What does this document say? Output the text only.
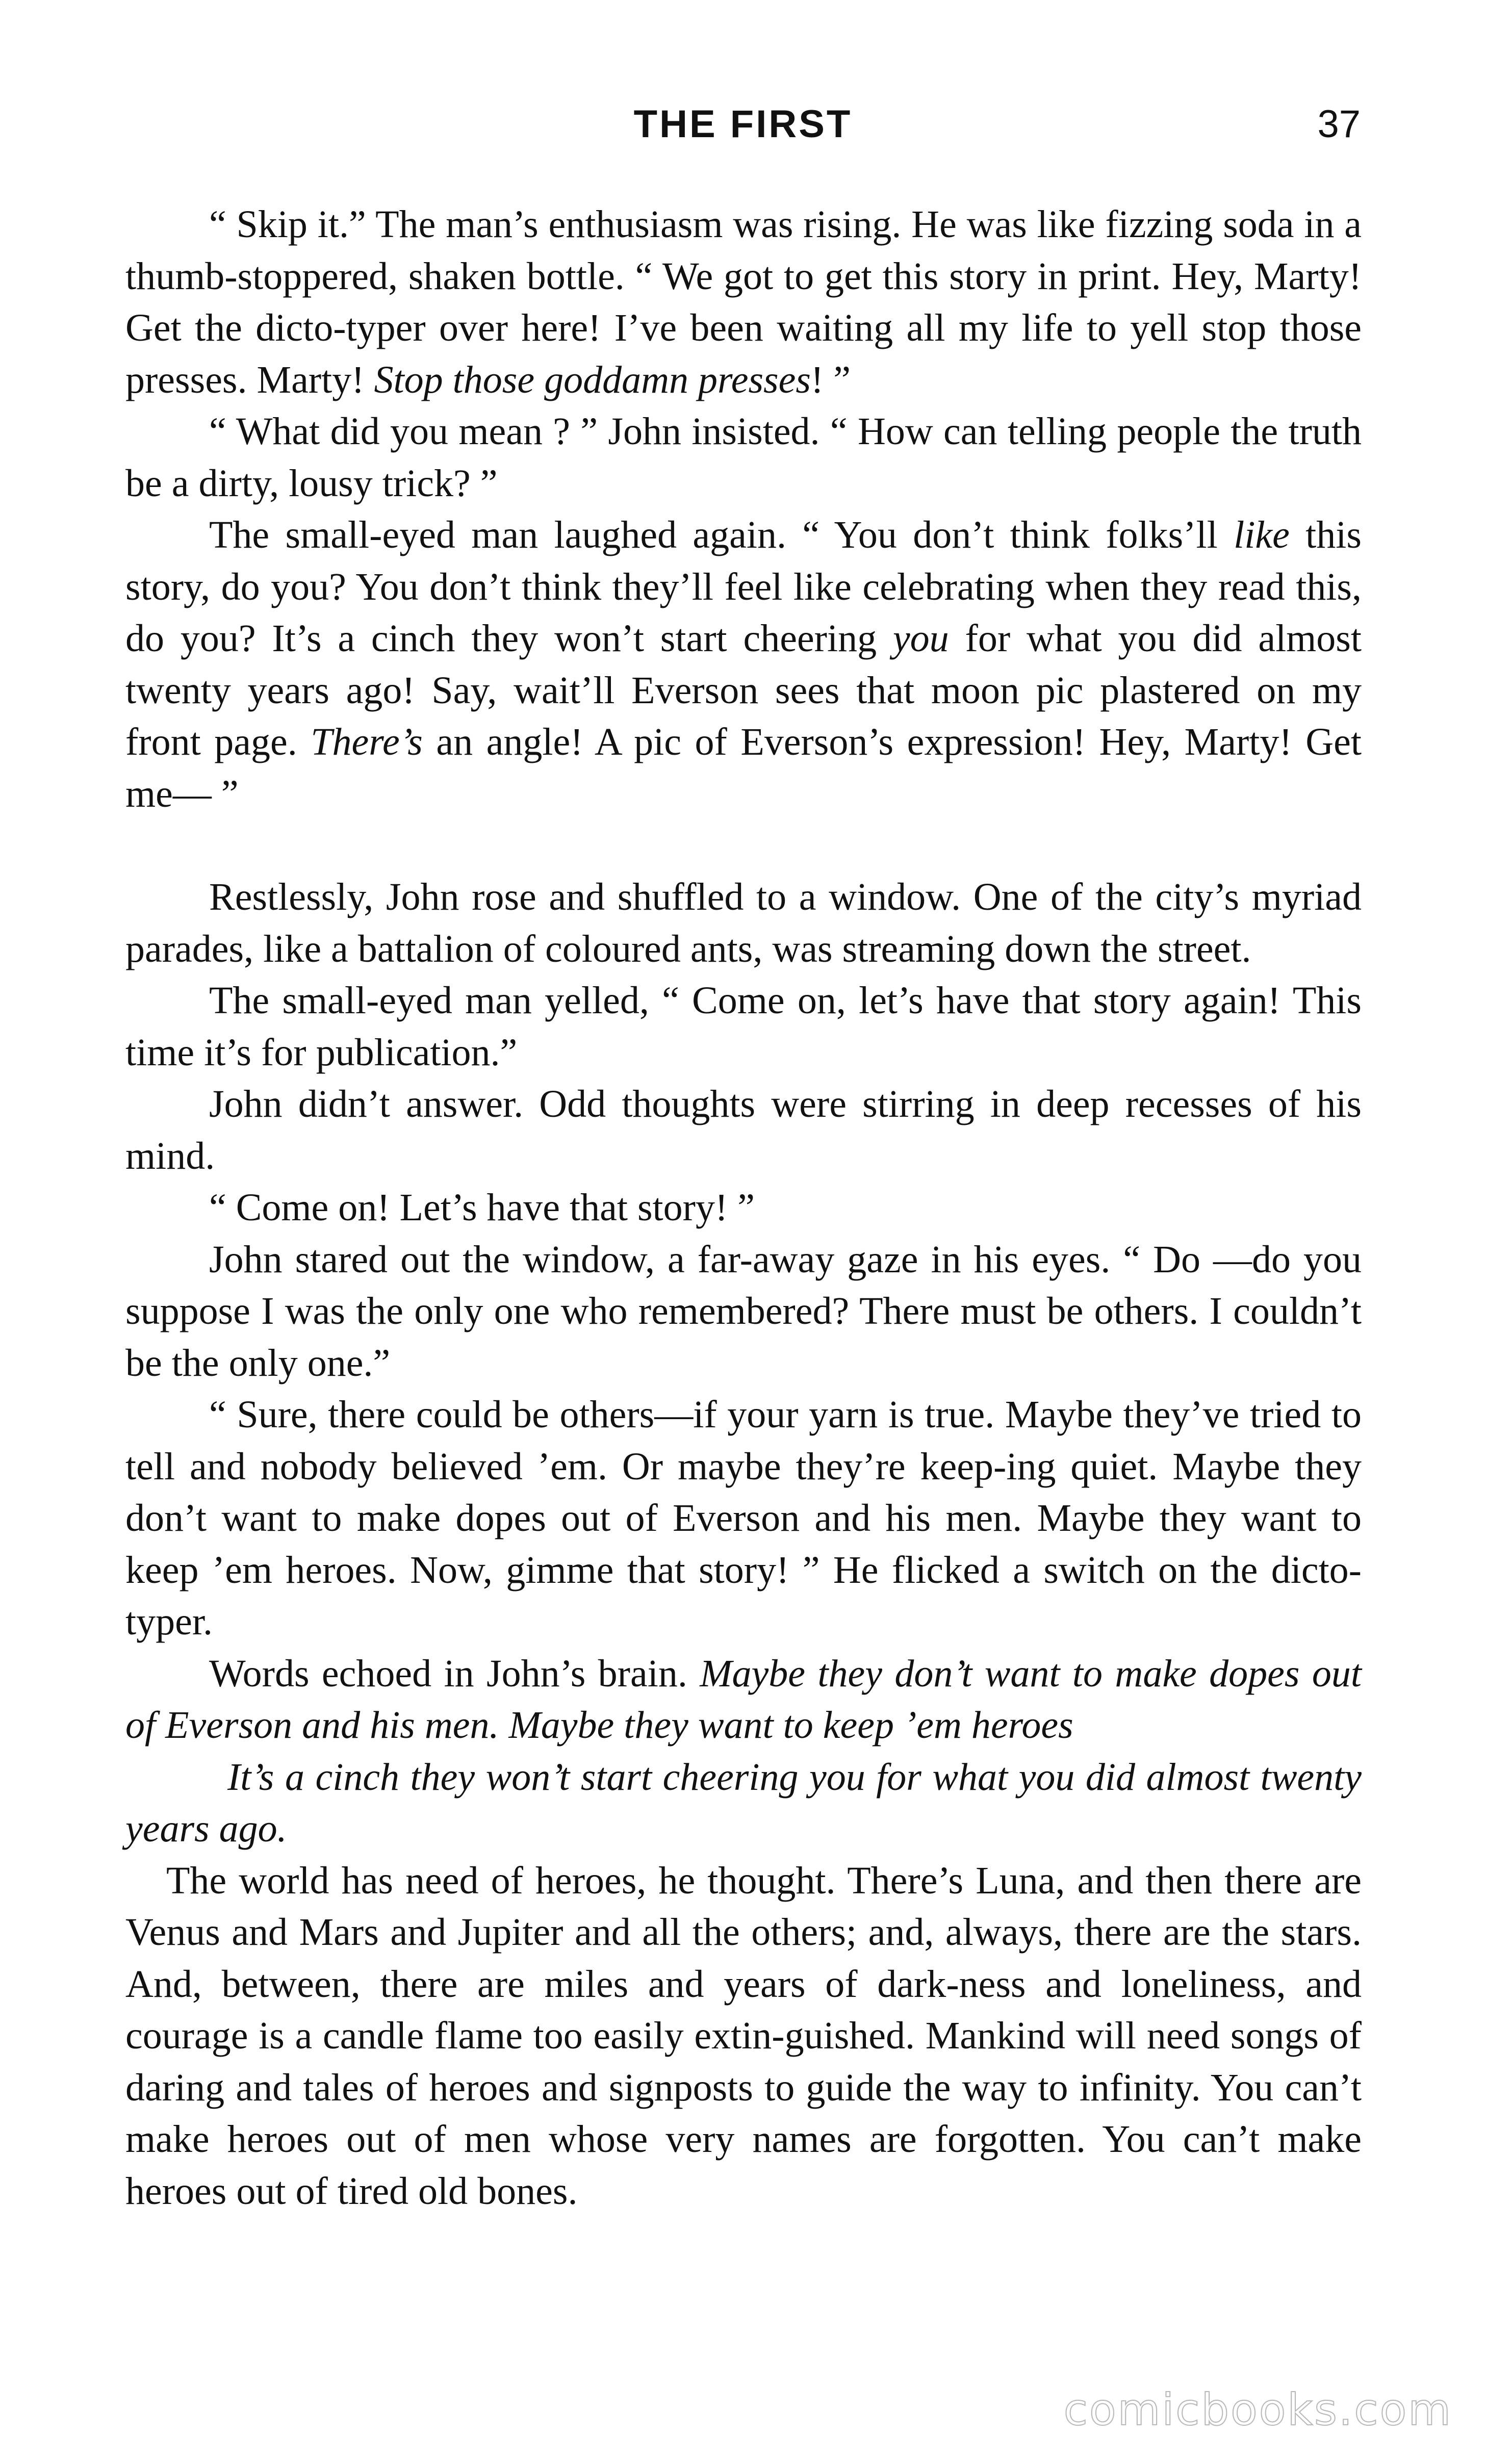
THE FIRST	37

“ Skip it.” The man’s enthusiasm was rising. He was like fizzing soda in a thumb-stoppered, shaken bottle. “ We got to get this story in print. Hey, Marty! Get the dicto-typer over here! I’ve been waiting all my life to yell stop those presses. Marty! Stop those goddamn presses! ”

“ What did you mean ? ” John insisted. “ How can telling people the truth be a dirty, lousy trick? ”

The small-eyed man laughed again. “ You don’t think folks’ll like this story, do you? You don’t think they’ll feel like celebrating when they read this, do you? It’s a cinch they won’t start cheering you for what you did almost twenty years ago! Say, wait’ll Everson sees that moon pic plastered on my front page. There’s an angle! A pic of Everson’s expression! Hey, Marty! Get me— ”

Restlessly, John rose and shuffled to a window. One of the city’s myriad parades, like a battalion of coloured ants, was streaming down the street.

The small-eyed man yelled, “ Come on, let’s have that story again! This time it’s for publication.”

John didn’t answer. Odd thoughts were stirring in deep recesses of his mind.

“ Come on! Let’s have that story! ”

John stared out the window, a far-away gaze in his eyes. “ Do —do you suppose I was the only one who remembered? There must be others. I couldn’t be the only one.”

“ Sure, there could be others—if your yarn is true. Maybe they’ve tried to tell and nobody believed ’em. Or maybe they’re keep-ing quiet. Maybe they don’t want to make dopes out of Everson and his men. Maybe they want to keep ’em heroes. Now, gimme that story! ” He flicked a switch on the dicto-typer.

Words echoed in John’s brain. Maybe they don’t want to make dopes out of Everson and his men. Maybe they want to keep ’em heroes

It’s a cinch they won’t start cheering you for what you did almost twenty years ago.

The world has need of heroes, he thought. There’s Luna, and then there are Venus and Mars and Jupiter and all the others; and, always, there are the stars. And, between, there are miles and years of dark-ness and loneliness, and courage is a candle flame too easily extin-guished. Mankind will need songs of daring and tales of heroes and signposts to guide the way to infinity. You can’t make heroes out of men whose very names are forgotten. You can’t make heroes out of tired old bones.

comicbooks.com
